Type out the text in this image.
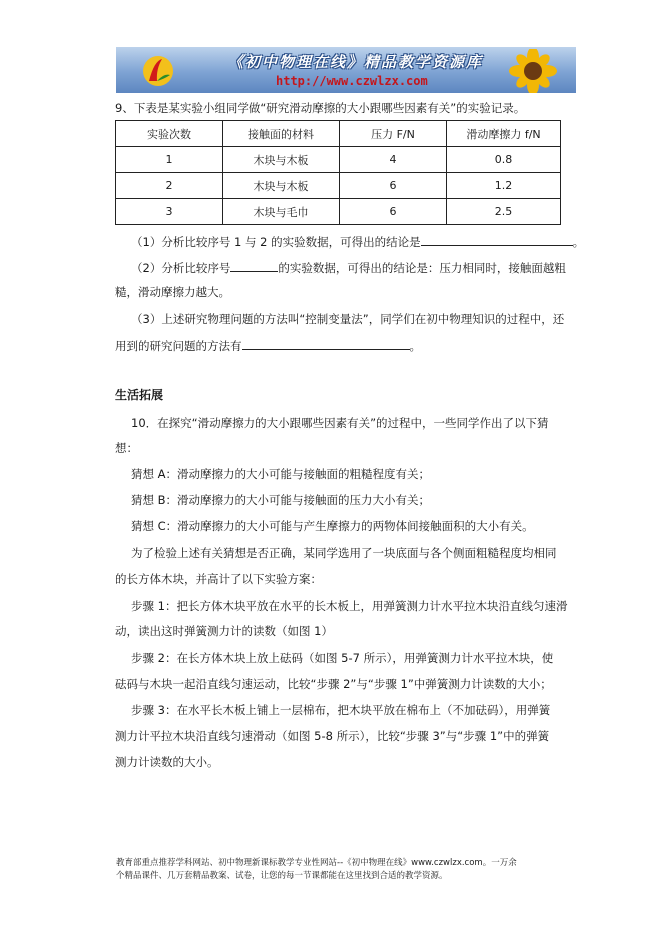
《初中物理在线》精品教学资源库
http://www.czwlzx.com
9、下表是某实验小组同学做“研究滑动摩擦的大小跟哪些因素有关”的实验记录。
实验次数	接触面的材料	压力 F/N	滑动摩擦力 f/N
1	木块与木板	4	0.8
2	木块与木板	6	1.2
3	木块与毛巾	6	2.5
（1）分析比较序号 1 与 2 的实验数据，可得出的结论是	。
（2）分析比较序号	的实验数据，可得出的结论是：压力相同时，接触面越粗
糙，滑动摩擦力越大。
（3）上述研究物理问题的方法叫“控制变量法”，同学们在初中物理知识的过程中，还
用到的研究问题的方法有	。
生活拓展
10．在探究“滑动摩擦力的大小跟哪些因素有关”的过程中，一些同学作出了以下猜
想：
猜想 A：滑动摩擦力的大小可能与接触面的粗糙程度有关；
猜想 B：滑动摩擦力的大小可能与接触面的压力大小有关；
猜想 C：滑动摩擦力的大小可能与产生摩擦力的两物体间接触面积的大小有关。
为了检验上述有关猜想是否正确，某同学选用了一块底面与各个侧面粗糙程度均相同
的长方体木块，并高计了以下实验方案：
步骤 1：把长方体木块平放在水平的长木板上，用弹簧测力计水平拉木块沿直线匀速滑
动，读出这时弹簧测力计的读数（如图 1）
步骤 2：在长方体木块上放上砝码（如图 5-7 所示），用弹簧测力计水平拉木块，使
砝码与木块一起沿直线匀速运动，比较“步骤 2”与“步骤 1”中弹簧测力计读数的大小；
步骤 3：在水平长木板上铺上一层棉布，把木块平放在棉布上（不加砝码），用弹簧
测力计平拉木块沿直线匀速滑动（如图 5-8 所示），比较“步骤 3”与“步骤 1”中的弹簧
测力计读数的大小。
教育部重点推荐学科网站、初中物理新课标教学专业性网站--《初中物理在线》www.czwlzx.com。一万余
个精品课件、几万套精品教案、试卷，让您的每一节课都能在这里找到合适的教学资源。
